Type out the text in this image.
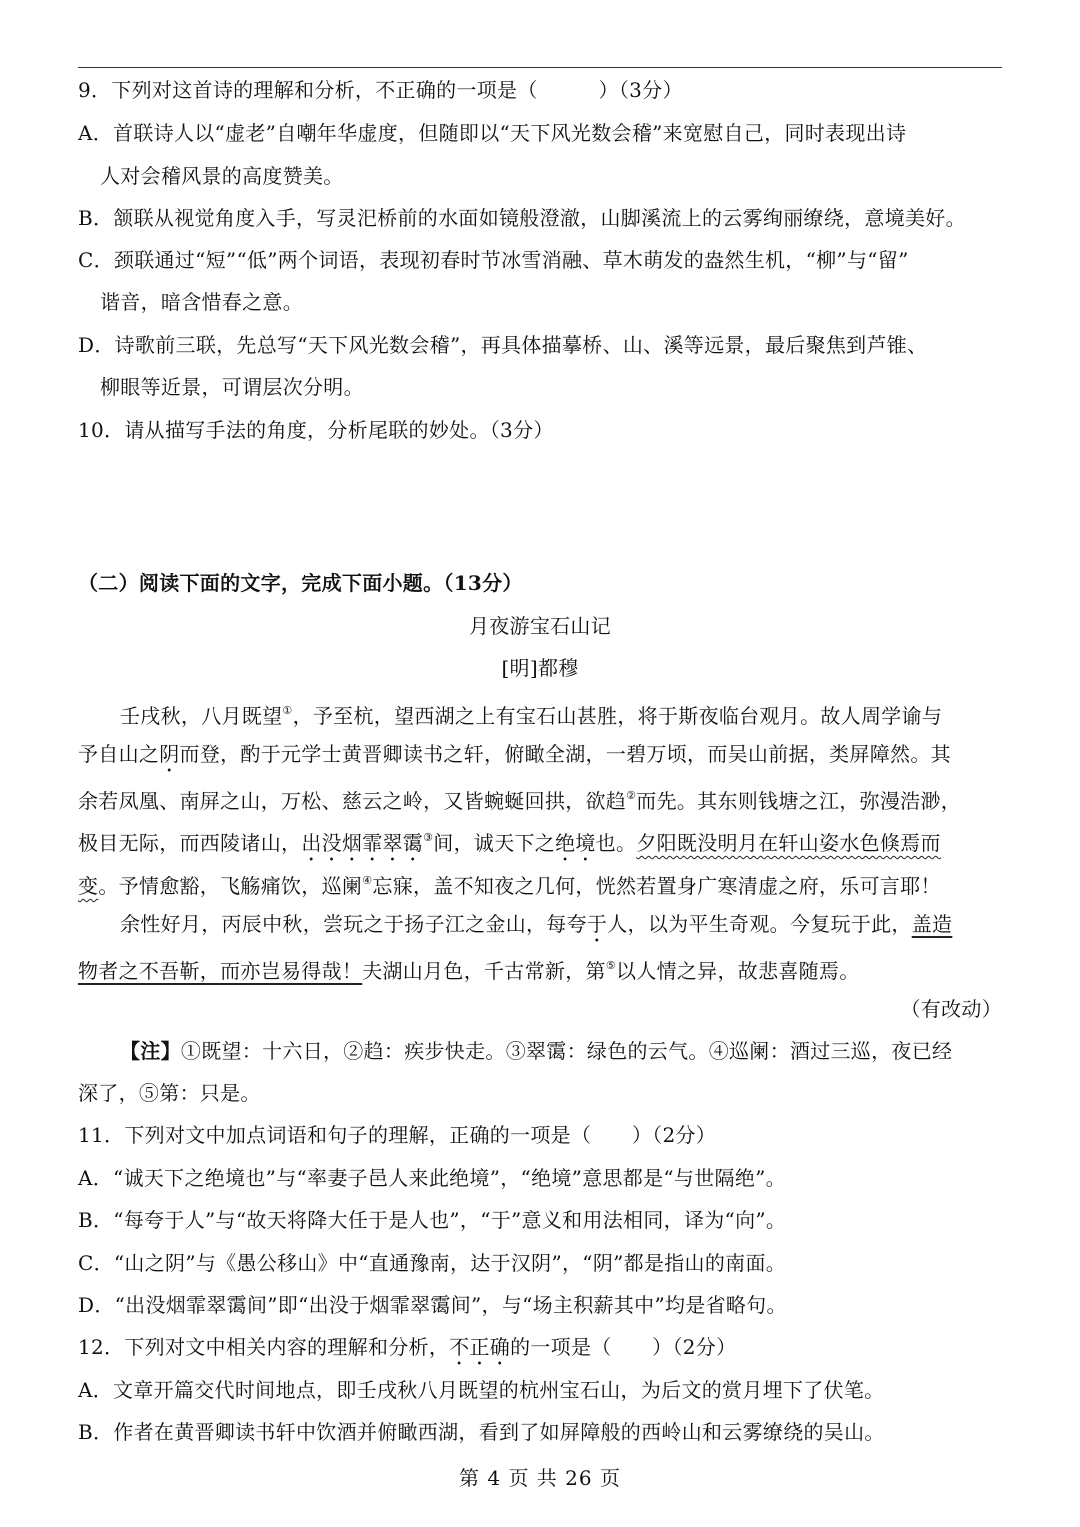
9．下列对这首诗的理解和分析，不正确的一项是（　　　）（3分）
A．首联诗人以“虚老”自嘲年华虚度，但随即以“天下风光数会稽”来宽慰自己，同时表现出诗
人对会稽风景的高度赞美。
B．颔联从视觉角度入手，写灵汜桥前的水面如镜般澄澈，山脚溪流上的云雾绚丽缭绕，意境美好。
C．颈联通过“短”“低”两个词语，表现初春时节冰雪消融、草木萌发的盎然生机，“柳”与“留”
谐音，暗含惜春之意。
D．诗歌前三联，先总写“天下风光数会稽”，再具体描摹桥、山、溪等远景，最后聚焦到芦锥、
柳眼等近景，可谓层次分明。
10．请从描写手法的角度，分析尾联的妙处。（3分）
（二）阅读下面的文字，完成下面小题。（13分）
月夜游宝石山记
[明]都穆
壬戌秋，八月既望①，予至杭，望西湖之上有宝石山甚胜，将于斯夜临台观月。故人周学谕与
予自山之阴而登，酌于元学士黄晋卿读书之轩，俯瞰全湖，一碧万顷，而吴山前据，类屏障然。其
余若凤凰、南屏之山，万松、慈云之岭，又皆蜿蜒回拱，欲趋②而先。其东则钱塘之江，弥漫浩渺，
极目无际，而西陵诸山，出没烟霏翠霭③间，诚天下之绝境也。夕阳既没明月在轩山姿水色倏焉而
变。予情愈豁，飞觞痛饮，巡阑④忘寐，盖不知夜之几何，恍然若置身广寒清虚之府，乐可言耶！
余性好月，丙辰中秋，尝玩之于扬子江之金山，每夸于人，以为平生奇观。今复玩于此，盖造
物者之不吾靳，而亦岂易得哉！夫湖山月色，千古常新，第⑤以人情之异，故悲喜随焉。
（有改动）
【注】①既望：十六日，②趋：疾步快走。③翠霭：绿色的云气。④巡阑：酒过三巡，夜已经
深了，⑤第：只是。
11．下列对文中加点词语和句子的理解，正确的一项是（　　）（2分）
A．“诚天下之绝境也”与“率妻子邑人来此绝境”，“绝境”意思都是“与世隔绝”。
B．“每夸于人”与“故天将降大任于是人也”，“于”意义和用法相同，译为“向”。
C．“山之阴”与《愚公移山》中“直通豫南，达于汉阴”，“阴”都是指山的南面。
D．“出没烟霏翠霭间”即“出没于烟霏翠霭间”，与“场主积薪其中”均是省略句。
12．下列对文中相关内容的理解和分析，不正确的一项是（　　）（2分）
A．文章开篇交代时间地点，即壬戌秋八月既望的杭州宝石山，为后文的赏月埋下了伏笔。
B．作者在黄晋卿读书轩中饮酒并俯瞰西湖，看到了如屏障般的西岭山和云雾缭绕的吴山。
第 4 页 共 26 页
